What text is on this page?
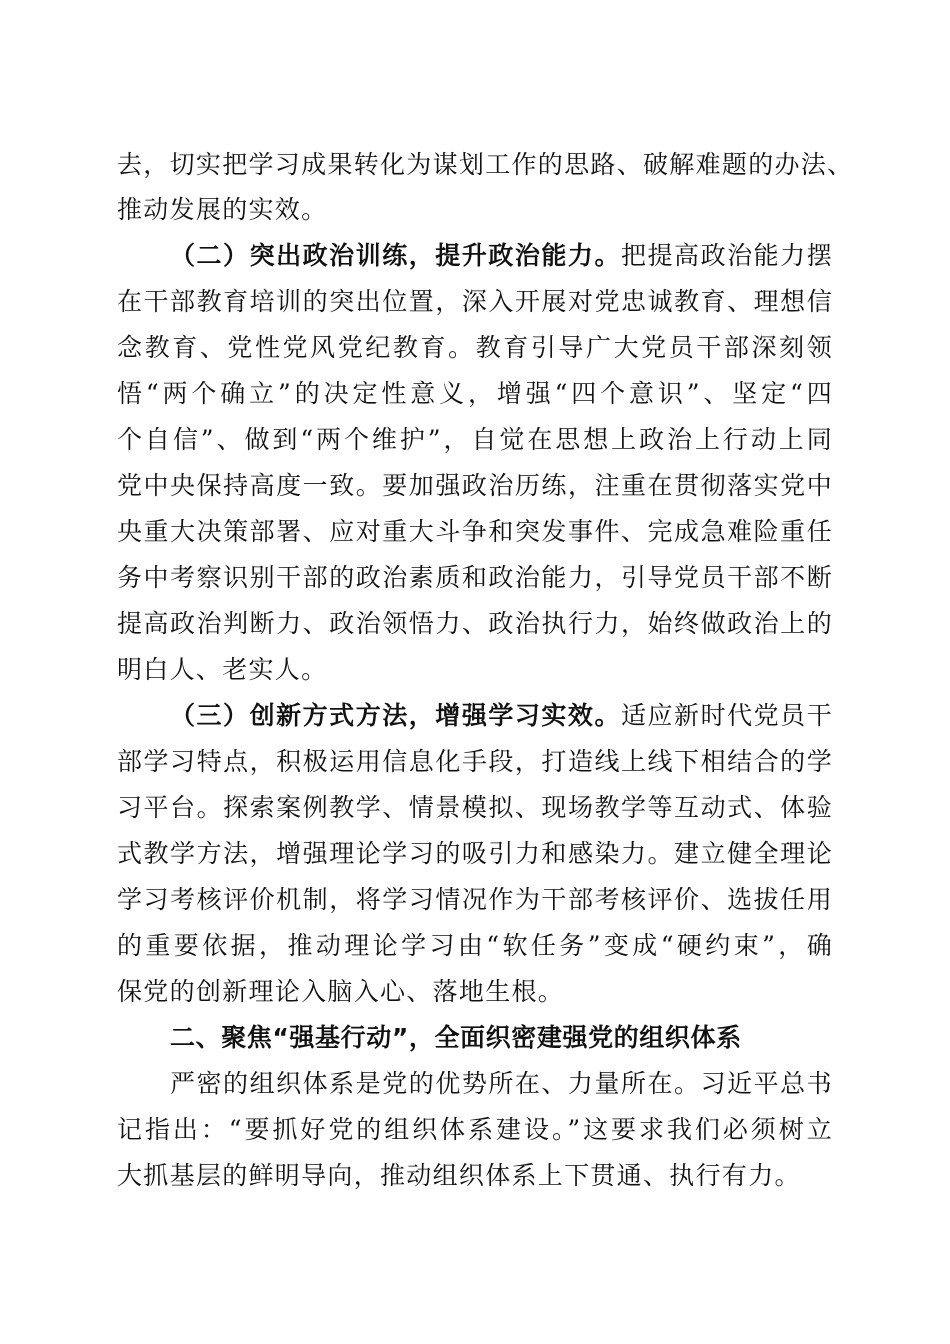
去，切实把学习成果转化为谋划工作的思路、破解难题的办法、
推动发展的实效。
（二）突出政治训练，提升政治能力。把提高政治能力摆
在干部教育培训的突出位置，深入开展对党忠诚教育、理想信
念教育、党性党风党纪教育。教育引导广大党员干部深刻领
悟“两个确立”的决定性意义，增强“四个意识”、坚定“四
个自信”、做到“两个维护”，自觉在思想上政治上行动上同
党中央保持高度一致。要加强政治历练，注重在贯彻落实党中
央重大决策部署、应对重大斗争和突发事件、完成急难险重任
务中考察识别干部的政治素质和政治能力，引导党员干部不断
提高政治判断力、政治领悟力、政治执行力，始终做政治上的
明白人、老实人。
（三）创新方式方法，增强学习实效。适应新时代党员干
部学习特点，积极运用信息化手段，打造线上线下相结合的学
习平台。探索案例教学、情景模拟、现场教学等互动式、体验
式教学方法，增强理论学习的吸引力和感染力。建立健全理论
学习考核评价机制，将学习情况作为干部考核评价、选拔任用
的重要依据，推动理论学习由“软任务”变成“硬约束”，确
保党的创新理论入脑入心、落地生根。
二、聚焦“强基行动”，全面织密建强党的组织体系
严密的组织体系是党的优势所在、力量所在。习近平总书
记指出：“要抓好党的组织体系建设。”这要求我们必须树立
大抓基层的鲜明导向，推动组织体系上下贯通、执行有力。
